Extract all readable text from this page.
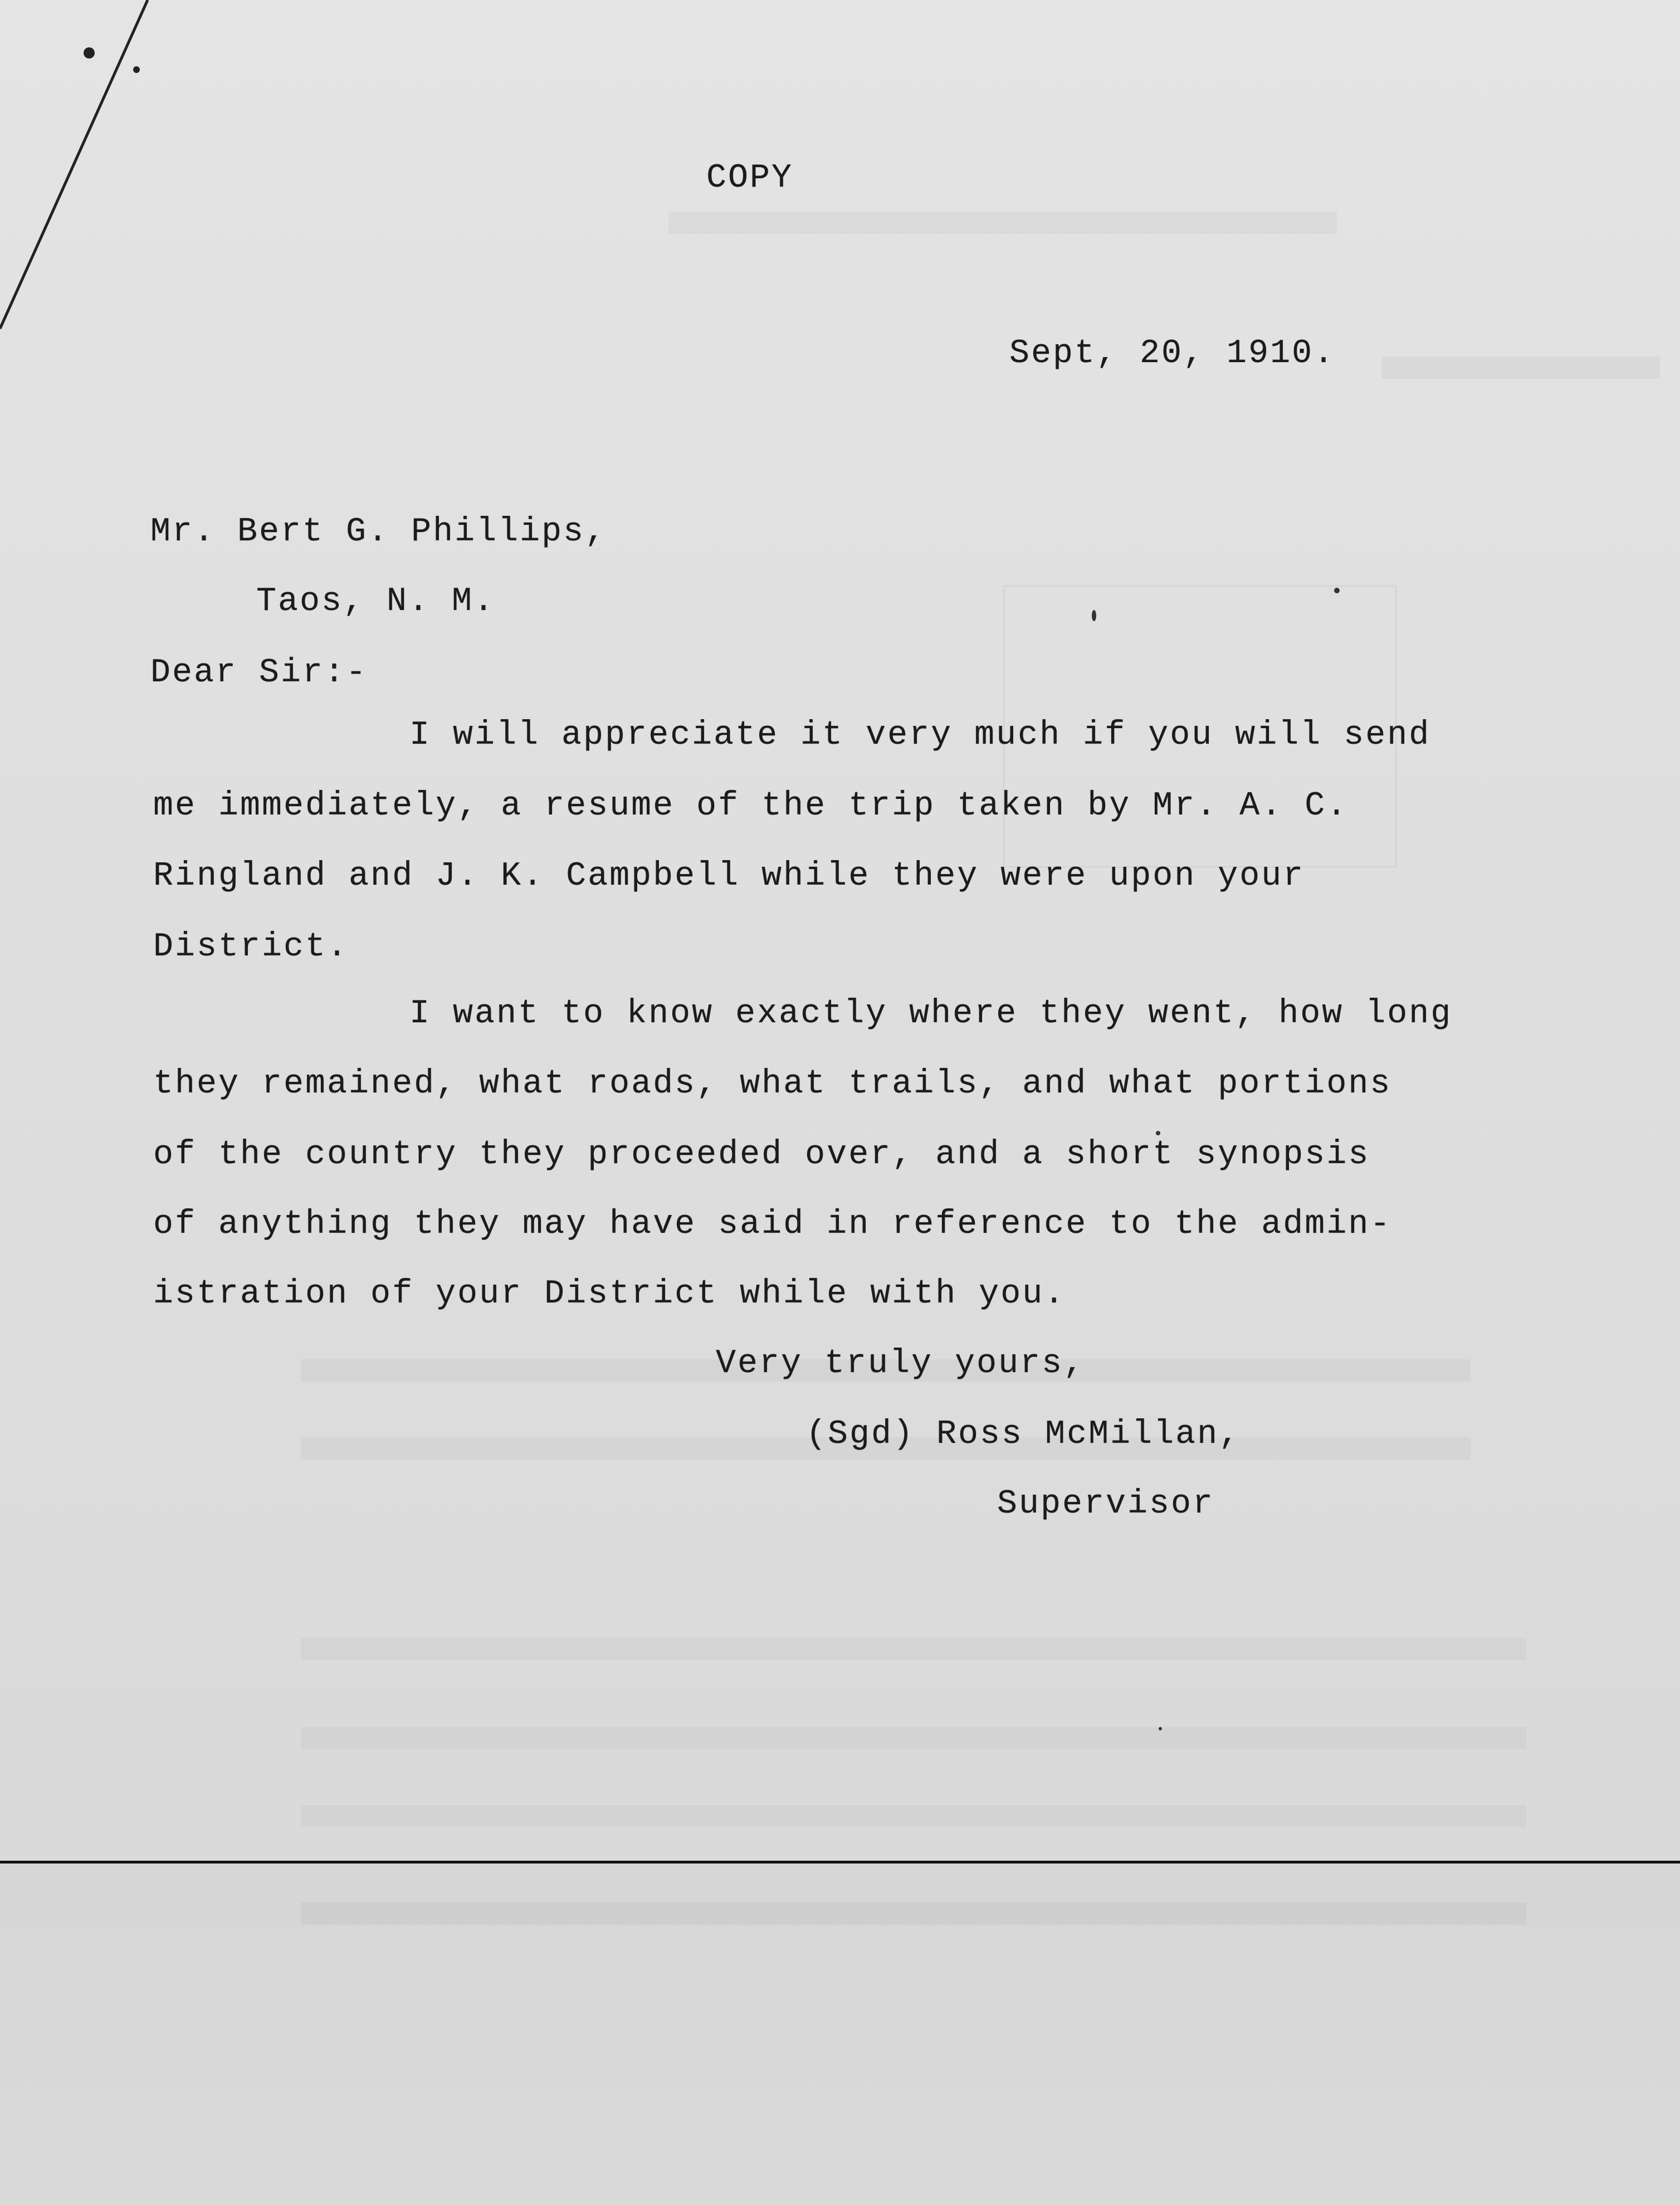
COPY
Sept, 20, 1910.
Mr. Bert G. Phillips,
Taos, N. M.
Dear Sir:-
I will appreciate it very much if you will send
me immediately, a resume of the trip taken by Mr. A. C.
Ringland and J. K. Campbell while they were upon your
District.
I want to know exactly where they went, how long
they remained, what roads, what trails, and what portions
of the country they proceeded over, and a short synopsis
of anything they may have said in reference to the admin-
istration of your District while with you.
Very truly yours,
(Sgd) Ross McMillan,
Supervisor
